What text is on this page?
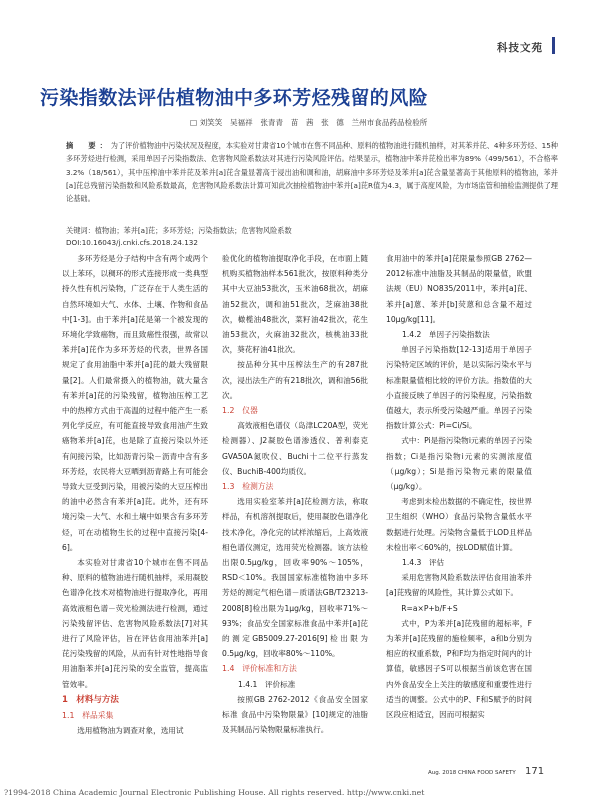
科技文苑
污染指数法评估植物油中多环芳烃残留的风险
□ 刘笑笑　吴福祥　张青青　苗　茜　张　德　兰州市食品药品检验所
摘　要：为了评价植物油中污染状况及程度，本实验对甘肃省10个城市在售不同品种、原料的植物油进行随机抽样，对其苯并芘、4种多环芳烃、15种多环芳烃进行检测，采用单因子污染指数法、危害物风险系数法对其进行污染风险评估。结果显示，植物油中苯并芘检出率为89%（499/561），不合格率3.2%（18/561），其中压榨油中苯并芘及苯并[a]芘含量显著高于浸出油和调和油，胡麻油中多环芳烃及苯并[a]芘含量显著高于其他原料的植物油，苯并[a]芘总残留污染指数和风险系数最高，危害物风险系数法计算可知此次抽检植物油中苯并[a]芘R值为4.3，属于高度风险，为市场监管和抽检监测提供了理论基础。
关键词：植物油；苯并[a]芘；多环芳烃；污染指数法；危害物风险系数
DOI:10.16043/j.cnki.cfs.2018.24.132

多环芳烃是分子结构中含有两个或两个以上苯环，以稠环的形式连接形成一类典型持久性有机污染物，广泛存在于人类生活的自然环境如大气、水体、土壤、作物和食品中[1-3]。由于苯并[a]芘是第一个被发现的环境化学致癌物，而且致癌性很强，故常以苯并[a]芘作为多环芳烃的代表，世界各国规定了食用油脂中苯并[a]芘的最大残留限量[2]。人们最常摄入的植物油，就大量含有苯并[a]芘的污染残留，植物油压榨工艺中的热榨方式由于高温的过程中能产生一系列化学反应，有可能直接导致食用油产生致癌物苯并[a]芘，也是除了直接污染以外还有间接污染，比如沥青污染－沥青中含有多环芳烃，农民将大豆晒到沥青路上有可能会导致大豆受到污染，用被污染的大豆压榨出的油中必然含有苯并[a]芘。此外，还有环境污染－大气、水和土壤中如果含有多环芳烃，可在动植物生长的过程中直接污染[4-6]。

本实验对甘肃省10个城市在售不同品种、原料的植物油进行随机抽样，采用凝胶色谱净化技术对植物油进行提取净化，再用高效液相色谱－荧光检测法进行检测，通过污染残留评估、危害物风险系数法[7]对其进行了风险评估，旨在评估食用油苯并[a]芘污染残留的风险，从而有针对性地指导食用油脂苯并[a]芘污染的安全监管，提高监管效率。

1　材料与方法
1.1　样品采集

选用植物油为调查对象，选用试

验优化的植物油提取净化手段，在市面上随机购买植物油样本561批次，按原料种类分其中大豆油53批次，玉米油68批次，胡麻油52批次，调和油51批次，芝麻油38批次，橄榄油48批次，菜籽油42批次，花生油53批次，火麻油32批次，核桃油33批次，葵花籽油41批次。

按品种分其中压榨法生产的有287批次，浸出法生产的有218批次，调和油56批次。

1.2　仪器

高效液相色谱仪（岛津LC20A型，荧光检测器）、J2凝胶色谱渗透仪、普利泰克GVA50A氮吹仪、Buchi十二位平行蒸发仪、BuchiB-400均质仪。

1.3　检测方法

选用实验室苯并[a]芘检测方法，称取样品，有机溶剂提取后，使用凝胶色谱净化技术净化，净化完的试样浓缩后，上高效液相色谱仪测定，选用荧光检测器。该方法检出限0.5μg/kg，回收率90%～105%，RSD＜10%。我国国家标准植物油中多环芳烃的测定气相色谱－质谱法GB/T23213-2008[8]检出限为1μg/kg，回收率71%～93%；食品安全国家标准食品中苯并[a]芘的测定GB5009.27-2016[9]检出限为0.5μg/kg，回收率80%～110%。

1.4　评价标准和方法
1.4.1　评价标准

按照GB 2762-2012《食品安全国家标准 食品中污染物限量》[10]规定的油脂及其制品污染物限量标准执行。

食用油中的苯并[a]芘限量参照GB 2762—2012标准中油脂及其制品的限量值，欧盟法规（EU）NO835/2011中，苯并[a]芘、苯并[a]蒽、苯并[b]荧蒽和总含量不超过10μg/kg[11]。

1.4.2　单因子污染指数法

单因子污染指数[12-13]适用于单因子污染特定区域的评价，是以实际污染水平与标准限量值相比较的评价方法。指数值的大小直接反映了单因子的污染程度，污染指数值越大，表示所受污染越严重。单因子污染指数计算公式：Pi=Ci/Si。

式中：Pi是指污染物i元素的单因子污染指数；Ci是指污染物i元素的实测浓度值（μg/kg）；Si是指污染物元素的限量值（μg/kg）。

考虑到未检出数据的不确定性，按世界卫生组织（WHO）食品污染物含量低水平数据进行处理。污染物含量低于LOD且样品未检出率＜60%的，按LOD赋值计算。

1.4.3　评估

采用危害物风险系数法评估食用油苯并[a]芘残留的风险性，其计算公式如下。

R=a×P+b/F+S

式中，P为苯并[a]芘残留的超标率，F为苯并[a]芘残留的施检频率，a和b分别为相应的权重系数，P和F均为指定时间内的计算值，敏感因子S可以根据当前该危害在国内外食品安全上关注的敏感度和重要性进行适当的调整。公式中的P、F和S赋予的时间区段应相适宜，因而可根据实

Aug. 2018 CHINA FOOD SAFETY 171
?1994-2018 China Academic Journal Electronic Publishing House. All rights reserved. http://www.cnki.net
